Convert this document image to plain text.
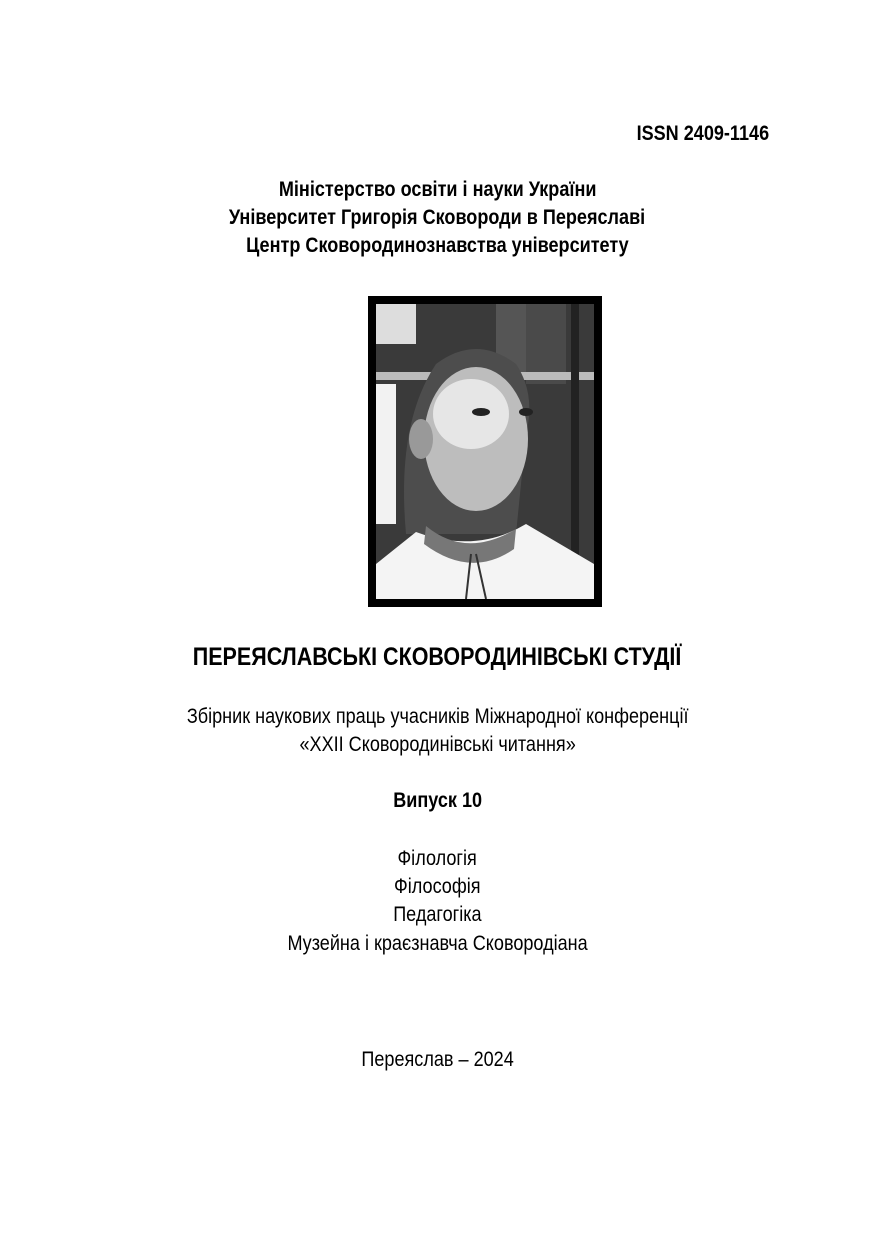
ISSN 2409-1146
Міністерство освіти і науки України
Університет Григорія Сковороди в Переяславі
Центр Сковородинознавства університету
ПЕРЕЯСЛАВСЬКІ СКОВОРОДИНІВСЬКІ СТУДІЇ
Збірник наукових праць учасників Міжнародної конференції
«XXII Сковородинівські читання»
Випуск 10
Філологія
Філософія
Педагогіка
Музейна і краєзнавча Сковородіана
Переяслав – 2024
